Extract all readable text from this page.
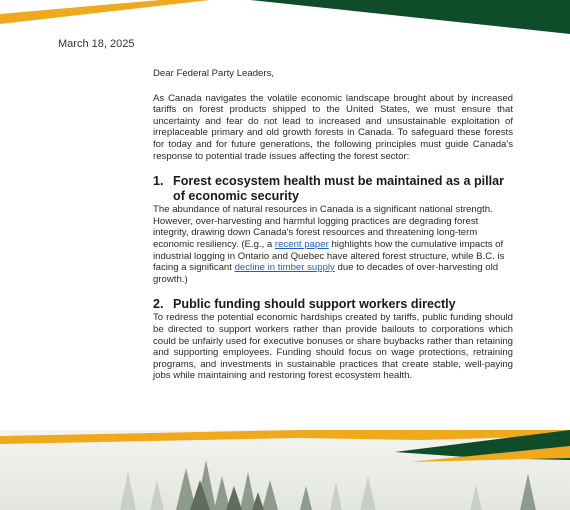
March 18, 2025

Dear Federal Party Leaders,

As Canada navigates the volatile economic landscape brought about by increased tariffs on forest products shipped to the United States, we must ensure that uncertainty and fear do not lead to increased and unsustainable exploitation of irreplaceable primary and old growth forests in Canada. To safeguard these forests for today and for future generations, the following principles must guide Canada's response to potential trade issues affecting the forest sector:

1. Forest ecosystem health must be maintained as a pillar of economic security

The abundance of natural resources in Canada is a significant national strength. However, over-harvesting and harmful logging practices are degrading forest integrity, drawing down Canada's forest resources and threatening long-term economic resiliency. (E.g., a recent paper highlights how the cumulative impacts of industrial logging in Ontario and Quebec have altered forest structure, while B.C. is facing a significant decline in timber supply due to decades of over-harvesting old growth.)

2. Public funding should support workers directly

To redress the potential economic hardships created by tariffs, public funding should be directed to support workers rather than provide bailouts to corporations which could be unfairly used for executive bonuses or share buybacks rather than retaining and supporting employees. Funding should focus on wage protections, retraining programs, and investments in sustainable practices that create stable, well-paying jobs while maintaining and restoring forest ecosystem health.
